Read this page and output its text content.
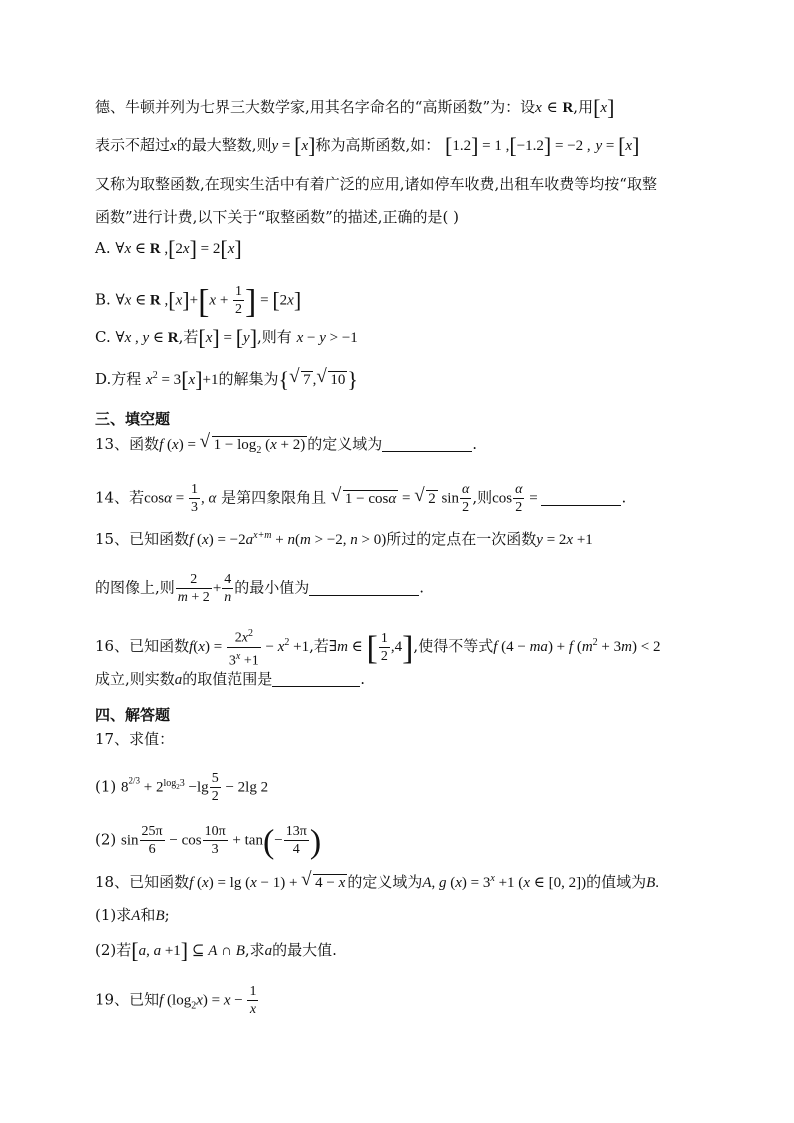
德、牛顿并列为七界三大数学家,用其名字命名的“高斯函数”为：设x ∈ R,用[x]
表示不超过x的最大整数,则y = [x]称为高斯函数,如： [1.2] = 1 ,[−1.2] = −2 , y = [x]
又称为取整函数,在现实生活中有着广泛的应用,诸如停车收费,出租车收费等均按“取整
函数”进行计费,以下关于“取整函数”的描述,正确的是( )
A. ∀x ∈ R ,[2x] = 2[x]
B. ∀x ∈ R $,[x]+[x + \frac{1}{2}$ ] = [2x]
C. ∀x , y ∈ R,若[x] = [y],则有 x − y > −1
D.方程 $x^2 = 3[x]+1$的解集为{ √ 7 , √ 10}
三、填空题
13、函数f (x) = √ $1 - \log_2 (x + 2)$ 的定义域为	.
14、若$\cos\alpha = \frac{1}{3}$ , α 是第四象限角且 √ 1 − cosα = √ 2 $\sin \frac{\alpha}{2}$ ,则$\cos \frac{\alpha}{2}$ =	.
15、已知函数f $(x) = -2a^{x+m} + n(m > -2$, n > 0)所过的定点在一次函数y = 2x +1
的图像上,则 $\frac{2}{m + 2} + \frac{4}{n}$ 的最小值为	.
16、已知函数$f(x) = \frac{2x^2}{3^x +1} - x^2 +1$,若∃m ∈ [ $\frac{1}{2} ,4$],使得不等式f (4 − ma) + f $(m^2 + 3m) < 2$
成立,则实数a的取值范围是	.
四、解答题
17、求值：
(1) $8^{2/3} + 2^{log_23} -\lg \frac{5}{2} - 2\lg$ 2
(2) $\sin \frac{25\pi}{6} - \cos \frac{10\pi}{3} + \tan(- \frac{13\pi}{4}$ )
18、已知函数f (x) = lg (x − 1) + √ 4 − x 的定义域为A, g $(x) = 3^x +1$ (x ∈ [0, 2])的值域为B.
(1)求A和B;
(2)若[a, a +1] ⊆ A ∩ B,求a的最大值.
19、已知f $(\log_2x) = x - \frac{1}{x}$
